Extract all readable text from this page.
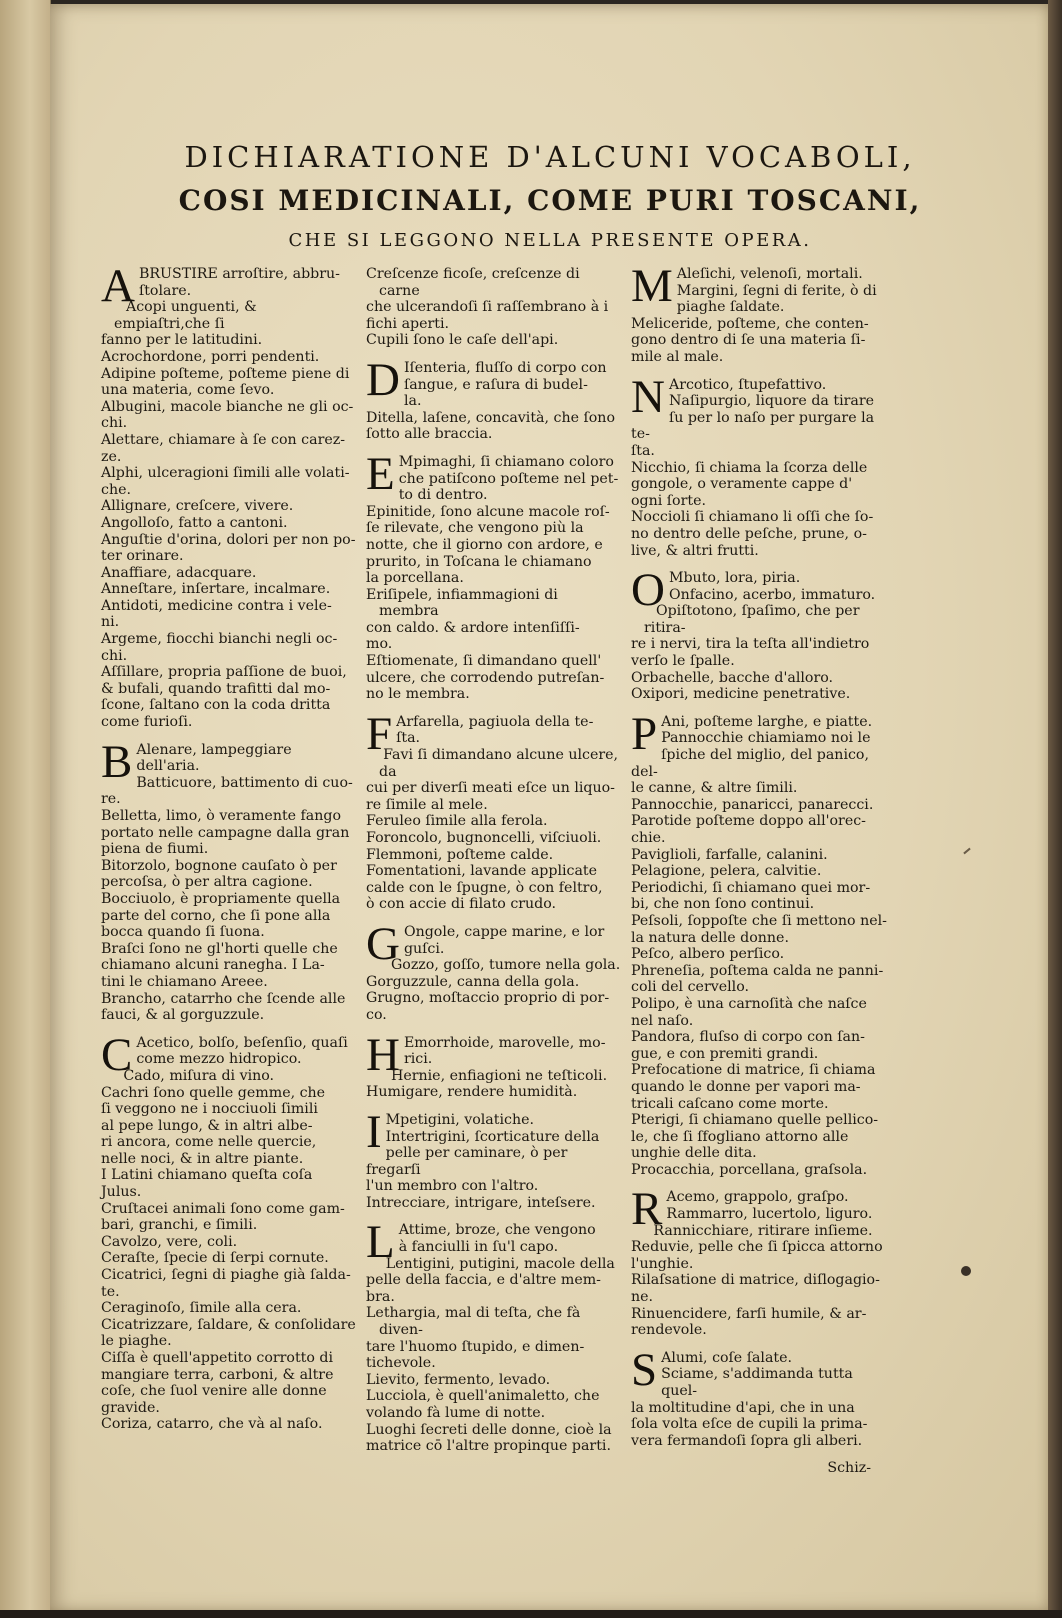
DICHIARATIONE D'ALCUNI VOCABOLI,
COSI MEDICINALI, COME PURI TOSCANI,
CHE SI LEGGONO NELLA PRESENTE OPERA.
A BRUSTIRE arroſtire, abbru-
ſtolare.
Acopi unguenti, & empiaſtri,che ſi
fanno per le latitudini.
Acrochordone, porri pendenti.
Adipine poſteme, poſteme piene di
una materia, come ſevo.
Albugini, macole bianche ne gli oc-
chi.
Alettare, chiamare à ſe con carez-
ze.
Alphi, ulceragioni ſimili alle volati-
che.
Allignare, creſcere, vivere.
Angolloſo, fatto a cantoni.
Anguſtie d'orina, dolori per non po-
ter orinare.
Anaffiare, adacquare.
Anneſtare, inſertare, incalmare.
Antidoti, medicine contra i vele-
ni.
Argeme, fiocchi bianchi negli oc-
chi.
Aſſillare, propria paſſione de buoi,
& bufali, quando trafitti dal mo-
ſcone, ſaltano con la coda dritta
come furioſi.
B Alenare, lampeggiare dell'aria.
Batticuore, battimento di cuo-
re.
Belletta, limo, ò veramente fango
portato nelle campagne dalla gran
piena de fiumi.
Bitorzolo, bognone cauſato ò per
percoſsa, ò per altra cagione.
Bocciuolo, è propriamente quella
parte del corno, che ſi pone alla
bocca quando ſi ſuona.
Braſci ſono ne gl'horti quelle che
chiamano alcuni ranegha. I La-
tini le chiamano Areee.
Brancho, catarrho che ſcende alle
fauci, & al gorguzzule.
C Acetico, bolſo, beſenſio, quaſi
come mezzo hidropico.
Cado, miſura di vino.
Cachri ſono quelle gemme, che
ſi veggono ne i nocciuoli ſimili
al pepe lungo, & in altri albe-
ri ancora, come nelle quercie,
nelle noci, & in altre piante.
I Latini chiamano queſta coſa
Julus.
Cruſtacei animali ſono come gam-
bari, granchi, e ſimili.
Cavolzo, vere, coli.
Ceraſte, ſpecie di ſerpi cornute.
Cicatrici, ſegni di piaghe già ſalda-
te.
Ceraginoſo, ſimile alla cera.
Cicatrizzare, ſaldare, & conſolidare
le piaghe.
Ciſſa è quell'appetito corrotto di
mangiare terra, carboni, & altre
coſe, che ſuol venire alle donne
gravide.
Coriza, catarro, che và al naſo.
Creſcenze ficoſe, creſcenze di carne
che ulcerandoſi ſi raſſembrano à i
fichi aperti.
Cupili ſono le caſe dell'api.
D Iſenteria, fluſſo di corpo con
ſangue, e raſura di budel-
la.
Ditella, laſene, concavità, che ſono
ſotto alle braccia.
E Mpimaghi, ſi chiamano coloro
che patiſcono poſteme nel pet-
to di dentro.
Epinitide, ſono alcune macole roſ-
ſe rilevate, che vengono più la
notte, che il giorno con ardore, e
prurito, in Toſcana le chiamano
la porcellana.
Eriſipele, infiammagioni di membra
con caldo. & ardore intenſiſſi-
mo.
Eſtiomenate, ſi dimandano quell'
ulcere, che corrodendo putreſan-
no le membra.
F Arfarella, pagiuola della te-
ſta.
Favi ſi dimandano alcune ulcere, da
cui per diverſi meati eſce un liquo-
re ſimile al mele.
Feruleo ſimile alla ferola.
Foroncolo, bugnoncelli, viſciuoli.
Flemmoni, poſteme calde.
Fomentationi, lavande applicate
calde con le ſpugne, ò con feltro,
ò con accie di filato crudo.
G Ongole, cappe marine, e lor
guſci.
Gozzo, goſſo, tumore nella gola.
Gorguzzule, canna della gola.
Grugno, moſtaccio proprio di por-
co.
H Emorrhoide, marovelle, mo-
rici.
Hernie, enfiagioni ne teſticoli.
Humigare, rendere humidità.
I Mpetigini, volatiche.
Intertrigini, ſcorticature della
pelle per caminare, ò per fregarſi
l'un membro con l'altro.
Intrecciare, intrigare, inteſsere.
L Attime, broze, che vengono
à fanciulli in ſu'l capo.
Lentigini, putigini, macole della
pelle della faccia, e d'altre mem-
bra.
Lethargia, mal di teſta, che fà diven-
tare l'huomo ſtupido, e dimen-
tichevole.
Lievito, fermento, levado.
Lucciola, è quell'animaletto, che
volando fà lume di notte.
Luoghi ſecreti delle donne, cioè la
matrice cō l'altre propinque parti.
M Aleſichi, velenoſi, mortali.
Margini, ſegni di ferite, ò di
piaghe ſaldate.
Meliceride, poſteme, che conten-
gono dentro di ſe una materia ſi-
mile al male.
N Arcotico, ſtupefattivo.
Naſipurgio, liquore da tirare
ſu per lo naſo per purgare la te-
ſta.
Nicchio, ſi chiama la ſcorza delle
gongole, o veramente cappe d'
ogni ſorte.
Noccioli ſi chiamano li oſſi che ſo-
no dentro delle peſche, prune, o-
live, & altri frutti.
O Mbuto, lora, piria.
Onfacino, acerbo, immaturo.
Opiſtotono, ſpaſimo, che per ritira-
re i nervi, tira la teſta all'indietro
verſo le ſpalle.
Orbachelle, bacche d'alloro.
Oxipori, medicine penetrative.
P Ani, poſteme larghe, e piatte.
Pannocchie chiamiamo noi le
ſpiche del miglio, del panico, del-
le canne, & altre ſimili.
Pannocchie, panaricci, panarecci.
Parotide poſteme doppo all'orec-
chie.
Paviglioli, farfalle, calanini.
Pelagione, pelera, calvitie.
Periodichi, ſi chiamano quei mor-
bi, che non ſono continui.
Peſsoli, ſoppoſte che ſi mettono nel-
la natura delle donne.
Peſco, albero perſico.
Phreneſia, poſtema calda ne panni-
coli del cervello.
Polipo, è una carnoſità che naſce
nel naſo.
Pandora, fluſso di corpo con ſan-
gue, e con premiti grandi.
Prefocatione di matrice, ſi chiama
quando le donne per vapori ma-
tricali caſcano come morte.
Pterigi, ſi chiamano quelle pellico-
le, che ſi ſfogliano attorno alle
unghie delle dita.
Procacchia, porcellana, graſsola.
R Acemo, grappolo, graſpo.
Rammarro, lucertolo, liguro.
Rannicchiare, ritirare inſieme.
Reduvie, pelle che ſi ſpicca attorno
l'unghie.
Rilaſsatione di matrice, diſlogagio-
ne.
Rinuencidere, farſi humile, & ar-
rendevole.
S Alumi, coſe ſalate.
Sciame, s'addimanda tutta quel-
la moltitudine d'api, che in una
ſola volta eſce de cupili la prima-
vera fermandoſi ſopra gli alberi.

Schiz-
